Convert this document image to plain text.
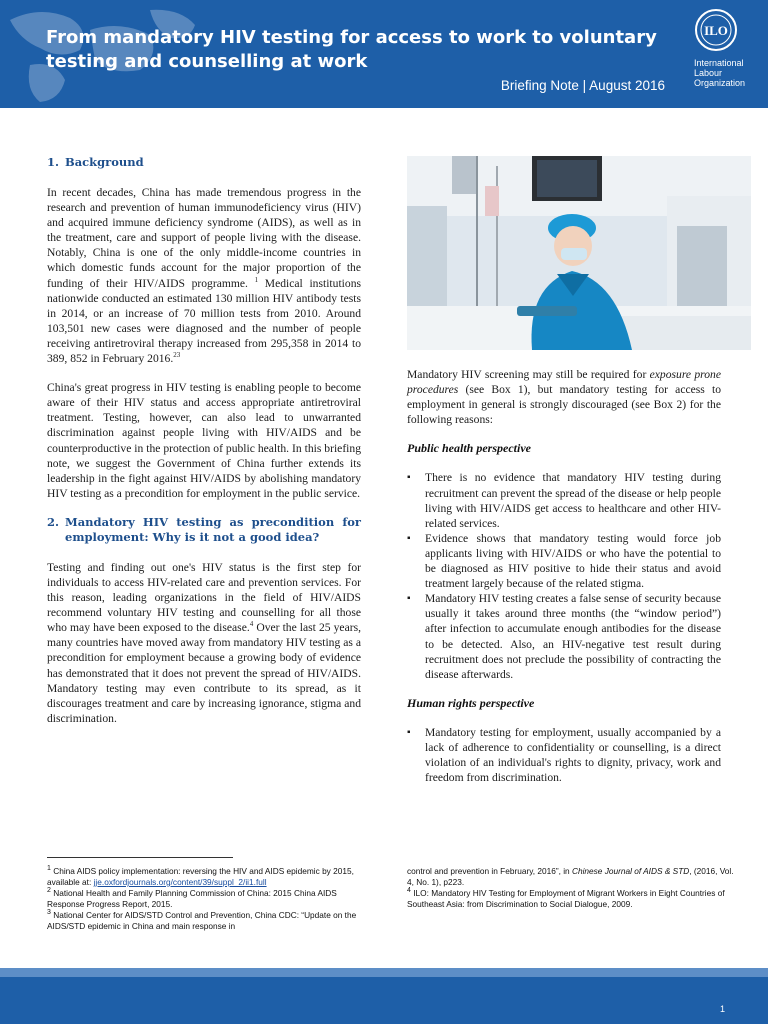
From mandatory HIV testing for access to work to voluntary testing and counselling at work

Briefing Note | August 2016

ILO
International
Labour
Organization
1. Background

In recent decades, China has made tremendous progress in the research and prevention of human immunodeficiency virus (HIV) and acquired immune deficiency syndrome (AIDS), as well as in the treatment, care and support of people living with the disease. Notably, China is one of the only middle-income countries in which domestic funds account for the major proportion of the funding of their HIV/AIDS programme. $^1$ Medical institutions nationwide conducted an estimated 130 million HIV antibody tests in 2014, or an increase of 70 million tests from 2010. Around 103,501 new cases were diagnosed and the number of people receiving antiretroviral therapy increased from 295,358 in 2014 to 389, 852 in February 2016.23

China's great progress in HIV testing is enabling people to become aware of their HIV status and access appropriate antiretroviral treatment. Testing, however, can also lead to unwarranted discrimination against people living with HIV/AIDS and be counterproductive in the protection of public health. In this briefing note, we suggest the Government of China further extends its leadership in the fight against HIV/AIDS by abolishing mandatory HIV testing as a precondition for employment in the public service.

2. Mandatory HIV testing as precondition for employment: Why is it not a good idea?

Testing and finding out one's HIV status is the first step for individuals to access HIV-related care and prevention services. For this reason, leading organizations in the field of HIV/AIDS recommend voluntary HIV testing and counselling for all those who may have been exposed to the disease.$^4$ Over the last 25 years, many countries have moved away from mandatory HIV testing as a precondition for employment because a growing body of evidence has demonstrated that it does not prevent the spread of HIV/AIDS. Mandatory testing may even contribute to its spread, as it discourages treatment and care by increasing ignorance, stigma and discrimination.

Mandatory HIV screening may still be required for exposure prone procedures (see Box 1), but mandatory testing for access to employment in general is strongly discouraged (see Box 2) for the following reasons:

Public health perspective
▪ There is no evidence that mandatory HIV testing during recruitment can prevent the spread of the disease or help people living with HIV/AIDS get access to healthcare and other HIV-related services.
▪ Evidence shows that mandatory testing would force job applicants living with HIV/AIDS or who have the potential to be diagnosed as HIV positive to hide their status and avoid treatment largely because of the related stigma.
▪ Mandatory HIV testing creates a false sense of security because usually it takes around three months (the “window period”) after infection to accumulate enough antibodies for the disease to be detected. Also, an HIV-negative test result during recruitment does not preclude the possibility of contracting the disease afterwards.
Human rights perspective
▪ Mandatory testing for employment, usually accompanied by a lack of adherence to confidentiality or counselling, is a direct violation of an individual's rights to dignity, privacy, work and freedom from discrimination.
$^1$ China AIDS policy implementation: reversing the HIV and AIDS epidemic by 2015, available at: jje.oxfordjournals.org/content/39/suppl_2/ii1.full
$^2$ National Health and Family Planning Commission of China: 2015 China AIDS Response Progress Report, 2015.
$^3$ National Center for AIDS/STD Control and Prevention, China CDC: “Update on the AIDS/STD epidemic in China and main response in
control and prevention in February, 2016”, in Chinese Journal of AIDS & STD, (2016, Vol. 4, No. 1), p223.
$^4$ ILO: Mandatory HIV Testing for Employment of Migrant Workers in Eight Countries of Southeast Asia: from Discrimination to Social Dialogue, 2009.
1
